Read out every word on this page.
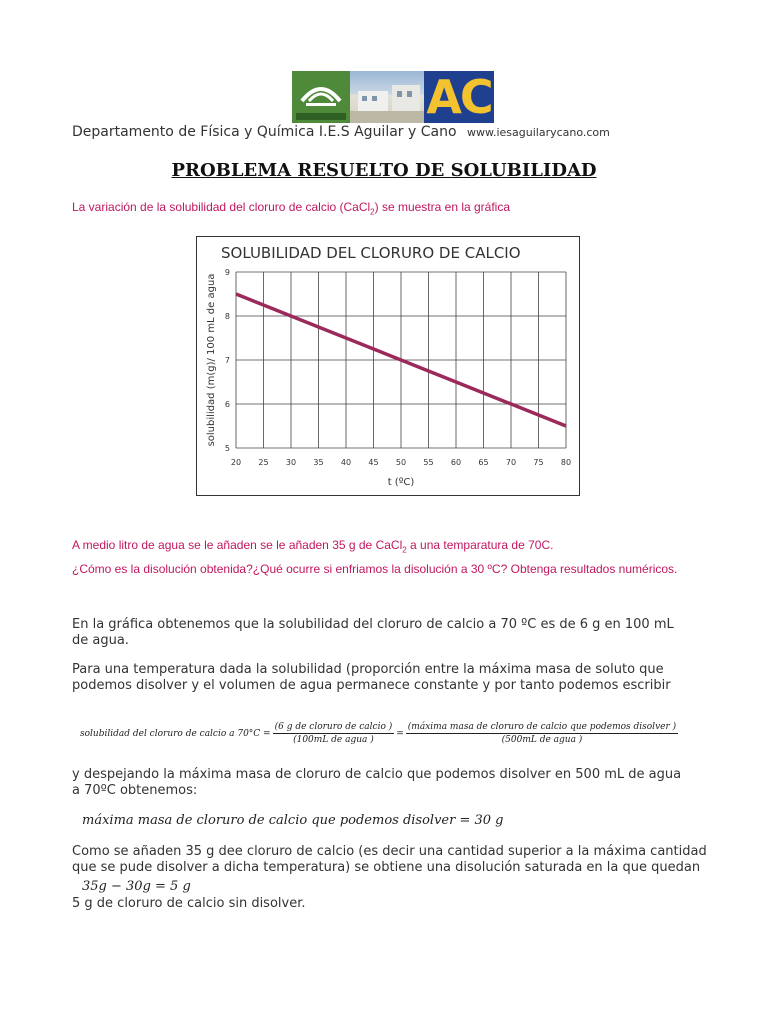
AC
Departamento de Física y Química I.E.S Aguilar y Cano www.iesaguilarycano.com
PROBLEMA RESUELTO DE SOLUBILIDAD
La variación de la solubilidad del cloruro de calcio (CaCl$_2$) se muestra en la gráfica
SOLUBILIDAD DEL CLORURO DE CALCIO
20 25 30 35 40 45 50 55 60 65 70 75 80
5
6
7
8
9
t (ºC)
solubilidad (m(g)/ 100 mL de agua
A medio litro de agua se le añaden se le añaden 35 g de CaCl$_2$ a una temparatura de 70C.
¿Cómo es la disolución obtenida?¿Qué ocurre si enfriamos la disolución a 30 ºC? Obtenga resultados numéricos.
En la gráfica obtenemos que la solubilidad del cloruro de calcio a 70 ºC es de 6 g en 100 mL de agua.
Para una temperatura dada la solubilidad (proporción entre la máxima masa de soluto que podemos disolver y el volumen de agua permanece constante y por tanto podemos escribir
solubilidad del cloruro de calcio a $70^\circ C = \frac{\text{(6 g de cloruro de calcio )}}{\text{(100mL de agua )}} = \frac{\text{(máxima masa de cloruro de calcio que podemos disolver )}}{\text{(500mL de agua )}}$
y despejando la máxima masa de cloruro de calcio que podemos disolver en 500 mL de agua a 70ºC obtenemos:
máxima masa de cloruro de calcio que podemos disolver = 30 g
Como se añaden 35 g dee cloruro de calcio (es decir una cantidad superior a la máxima cantidad que se pude disolver a dicha temperatura) se obtiene una disolución saturada en la que quedan
35g − 30g = 5 g
5 g de cloruro de calcio sin disolver.
